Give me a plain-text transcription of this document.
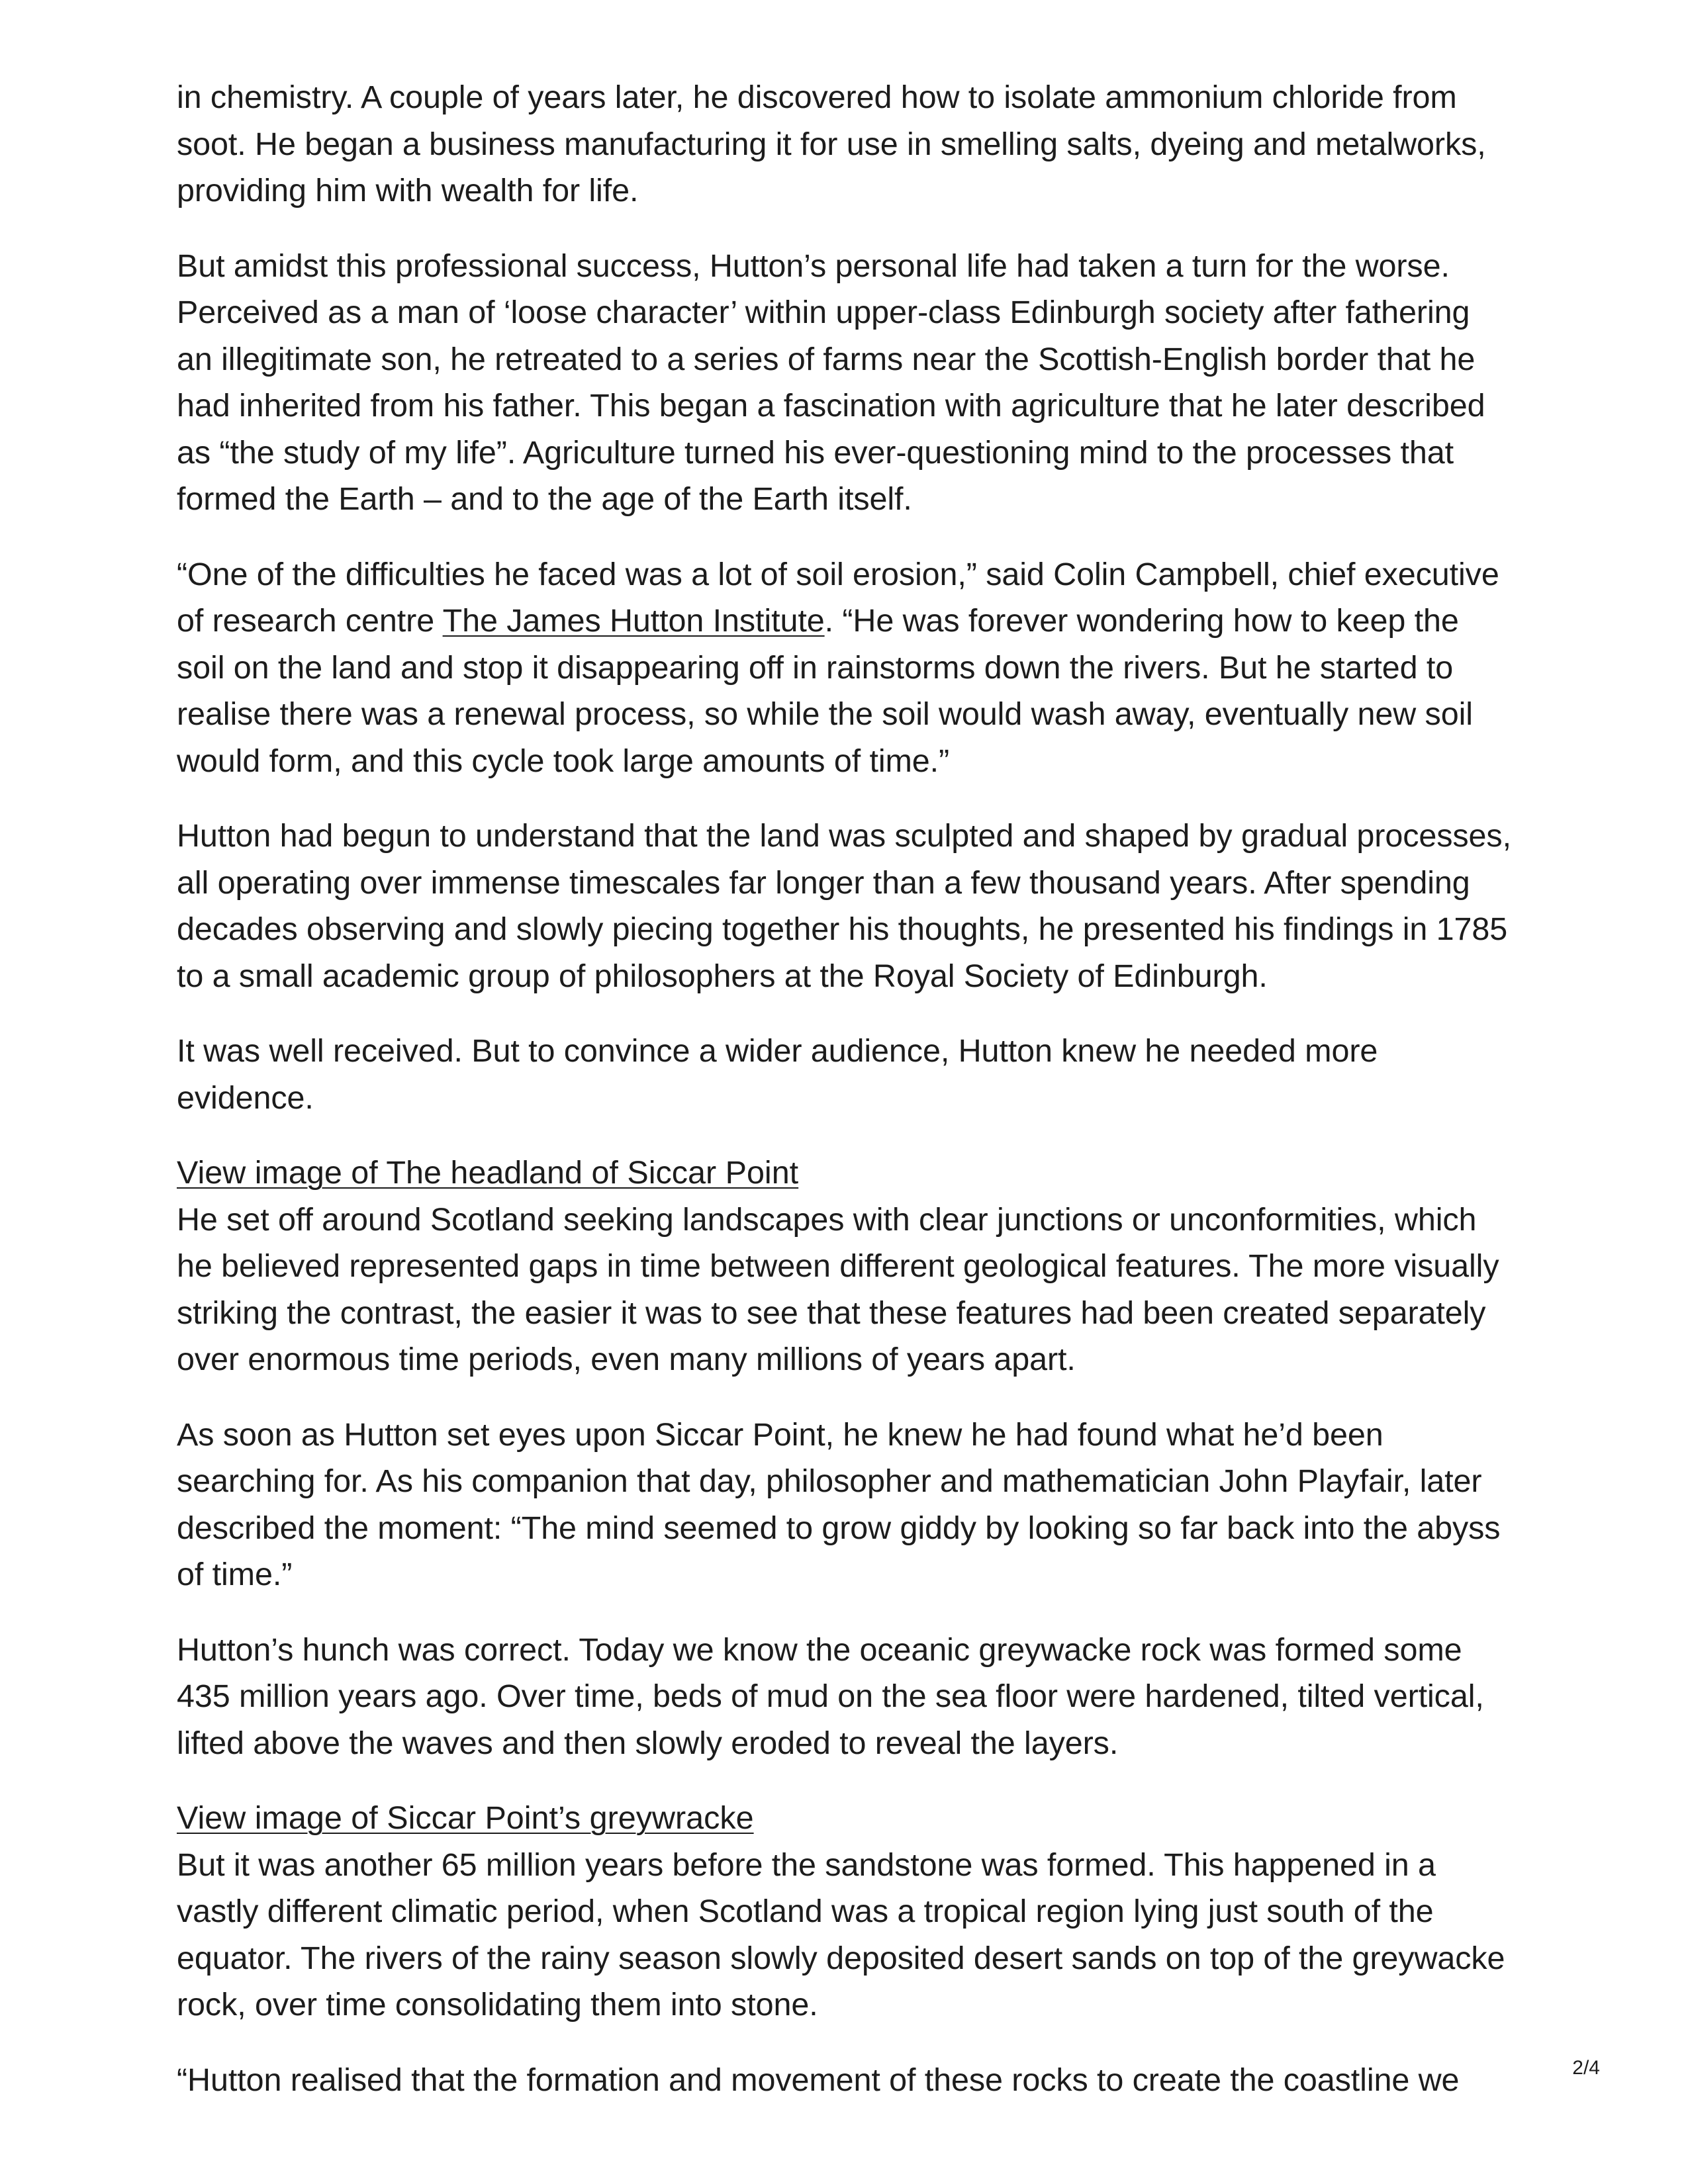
in chemistry. A couple of years later, he discovered how to isolate ammonium chloride from soot. He began a business manufacturing it for use in smelling salts, dyeing and metalworks, providing him with wealth for life.

But amidst this professional success, Hutton’s personal life had taken a turn for the worse. Perceived as a man of ‘loose character’ within upper-class Edinburgh society after fathering an illegitimate son, he retreated to a series of farms near the Scottish-English border that he had inherited from his father. This began a fascination with agriculture that he later described as “the study of my life”. Agriculture turned his ever-questioning mind to the processes that formed the Earth – and to the age of the Earth itself.

“One of the difficulties he faced was a lot of soil erosion,” said Colin Campbell, chief executive of research centre The James Hutton Institute. “He was forever wondering how to keep the soil on the land and stop it disappearing off in rainstorms down the rivers. But he started to realise there was a renewal process, so while the soil would wash away, eventually new soil would form, and this cycle took large amounts of time.”

Hutton had begun to understand that the land was sculpted and shaped by gradual processes, all operating over immense timescales far longer than a few thousand years. After spending decades observing and slowly piecing together his thoughts, he presented his findings in 1785 to a small academic group of philosophers at the Royal Society of Edinburgh.

It was well received. But to convince a wider audience, Hutton knew he needed more evidence.

View image of The headland of Siccar Point

He set off around Scotland seeking landscapes with clear junctions or unconformities, which he believed represented gaps in time between different geological features. The more visually striking the contrast, the easier it was to see that these features had been created separately over enormous time periods, even many millions of years apart.

As soon as Hutton set eyes upon Siccar Point, he knew he had found what he’d been searching for. As his companion that day, philosopher and mathematician John Playfair, later described the moment: “The mind seemed to grow giddy by looking so far back into the abyss of time.”

Hutton’s hunch was correct. Today we know the oceanic greywacke rock was formed some 435 million years ago. Over time, beds of mud on the sea floor were hardened, tilted vertical, lifted above the waves and then slowly eroded to reveal the layers.

View image of Siccar Point’s greywracke

But it was another 65 million years before the sandstone was formed. This happened in a vastly different climatic period, when Scotland was a tropical region lying just south of the equator. The rivers of the rainy season slowly deposited desert sands on top of the greywacke rock, over time consolidating them into stone.

“Hutton realised that the formation and movement of these rocks to create the coastline we	2/4
